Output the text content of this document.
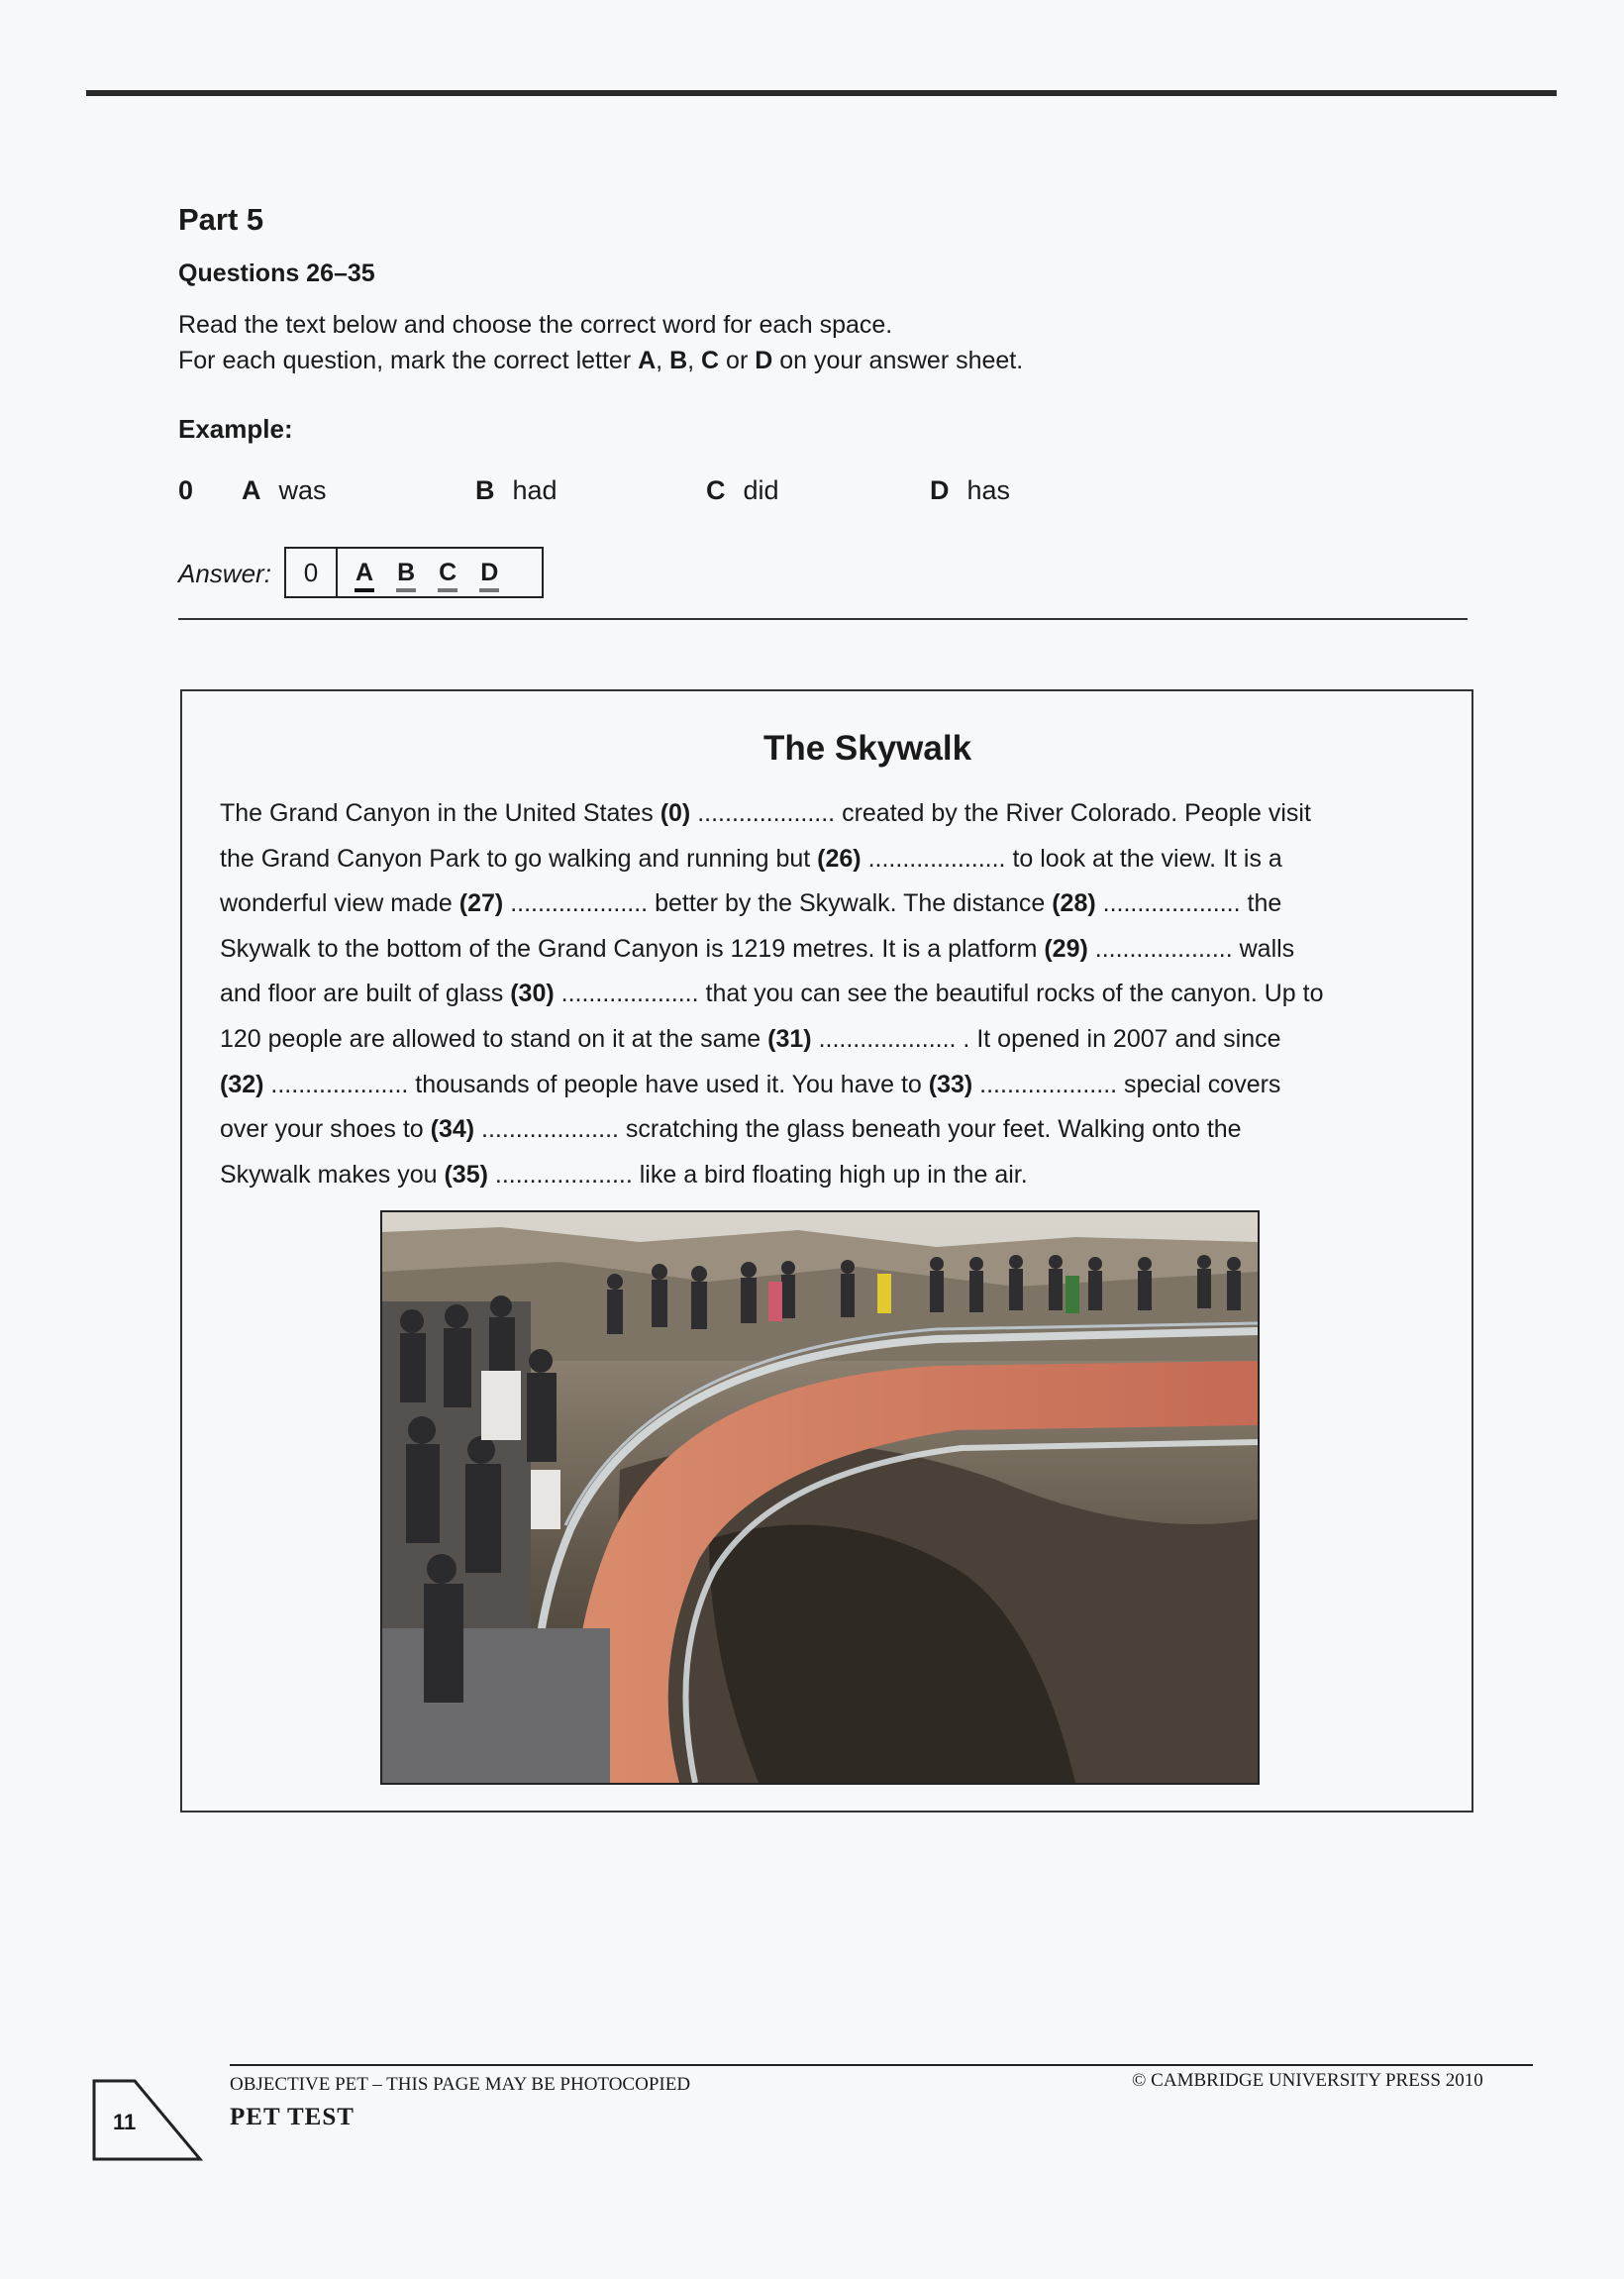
Part 5
Questions 26–35
Read the text below and choose the correct word for each space.
For each question, mark the correct letter A, B, C or D on your answer sheet.
Example:
0 A was	B had	C did	D has
Answer:	0	A B C D
The Skywalk
The Grand Canyon in the United States (0) .................... created by the River Colorado. People visit
the Grand Canyon Park to go walking and running but (26) .................... to look at the view. It is a
wonderful view made (27) .................... better by the Skywalk. The distance (28) .................... the
Skywalk to the bottom of the Grand Canyon is 1219 metres. It is a platform (29) .................... walls
and floor are built of glass (30) .................... that you can see the beautiful rocks of the canyon. Up to
120 people are allowed to stand on it at the same (31) .................... . It opened in 2007 and since
(32) .................... thousands of people have used it. You have to (33) .................... special covers
over your shoes to (34) .................... scratching the glass beneath your feet. Walking onto the
Skywalk makes you (35) .................... like a bird floating high up in the air.
OBJECTIVE PET – THIS PAGE MAY BE PHOTOCOPIED	© CAMBRIDGE UNIVERSITY PRESS 2010
PET TEST
11
